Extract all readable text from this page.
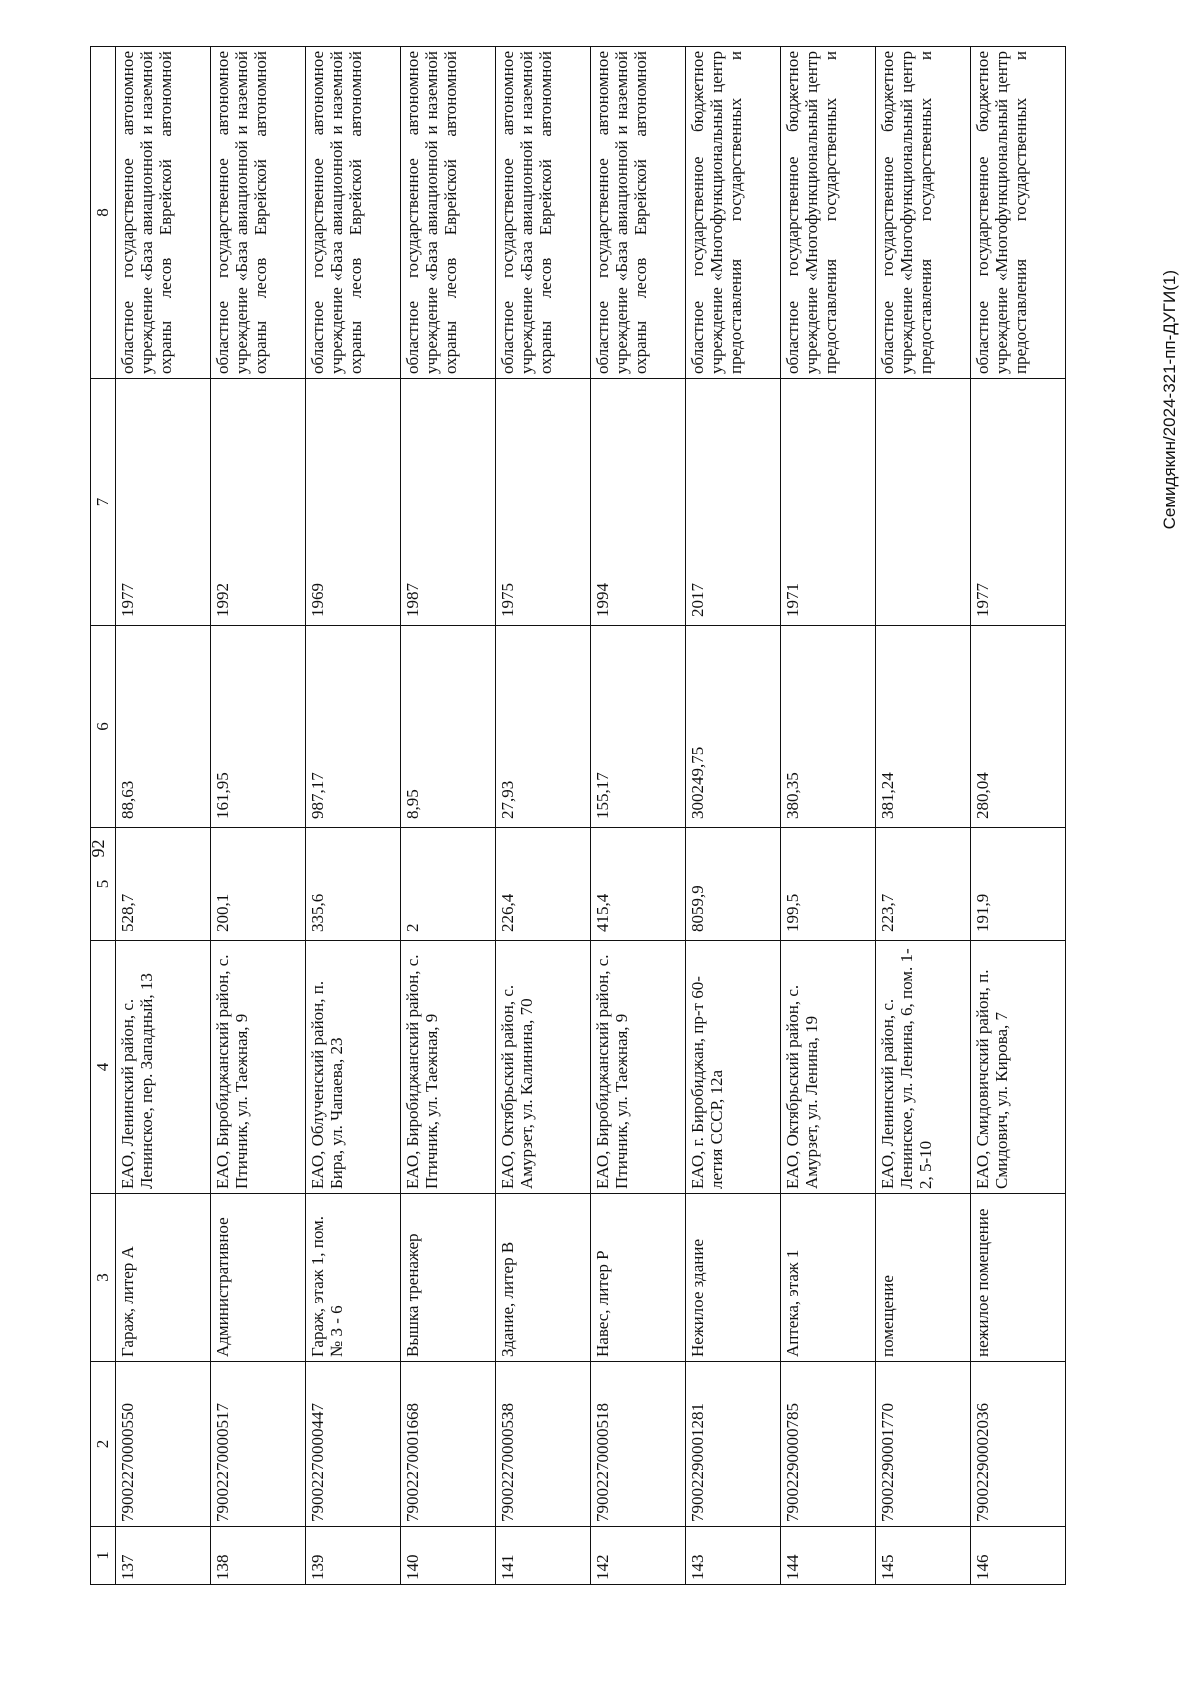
92
1	2	3	4	5	6	7	8

137	79002270000550	Гараж, литер А	ЕАО, Ленинский район, с. Ленинское, пер. Западный, 13	528,7	88,63	1977	областное государственное автономное учреждение «База авиационной и наземной охраны лесов Еврейской автономной

138	79002270000517	Административное	ЕАО, Биробиджанский район, с. Птичник, ул. Таежная, 9	200,1	161,95	1992	областное государственное автономное учреждение «База авиационной и наземной охраны лесов Еврейской автономной

139	79002270000447	Гараж, этаж 1, пом. № 3 - 6	ЕАО, Облученский район, п. Бира, ул. Чапаева, 23	335,6	987,17	1969	областное государственное автономное учреждение «База авиационной и наземной охраны лесов Еврейской автономной

140	79002270001668	Вышка тренажер	ЕАО, Биробиджанский район, с. Птичник, ул. Таежная, 9	2	8,95	1987	областное государственное автономное учреждение «База авиационной и наземной охраны лесов Еврейской автономной

141	79002270000538	Здание, литер В	ЕАО, Октябрьский район, с. Амурзет, ул. Калинина, 70	226,4	27,93	1975	областное государственное автономное учреждение «База авиационной и наземной охраны лесов Еврейской автономной

142	79002270000518	Навес, литер Р	ЕАО, Биробиджанский район, с. Птичник, ул. Таежная, 9	415,4	155,17	1994	областное государственное автономное учреждение «База авиационной и наземной охраны лесов Еврейской автономной

143	79002290001281	Нежилое здание	ЕАО, г. Биробиджан, пр-т 60-летия СССР, 12а	8059,9	300249,75	2017	областное государственное бюджетное учреждение «Многофункциональный центр предоставления государственных и

144	79002290000785	Аптека, этаж 1	ЕАО, Октябрьский район, с. Амурзет, ул. Ленина, 19	199,5	380,35	1971	областное государственное бюджетное учреждение «Многофункциональный центр предоставления государственных и

145	79002290001770	помещение	ЕАО, Ленинский район, с. Ленинское, ул. Ленина, 6, пом. 1-2, 5-10	223,7	381,24		областное государственное бюджетное учреждение «Многофункциональный центр предоставления государственных и

146	79002290002036	нежилое помещение	ЕАО, Смидовичский район, п. Смидович, ул. Кирова, 7	191,9	280,04	1977	областное государственное бюджетное учреждение «Многофункциональный центр предоставления государственных и
Семидякин/2024-321-пп-ДУГИ(1)
